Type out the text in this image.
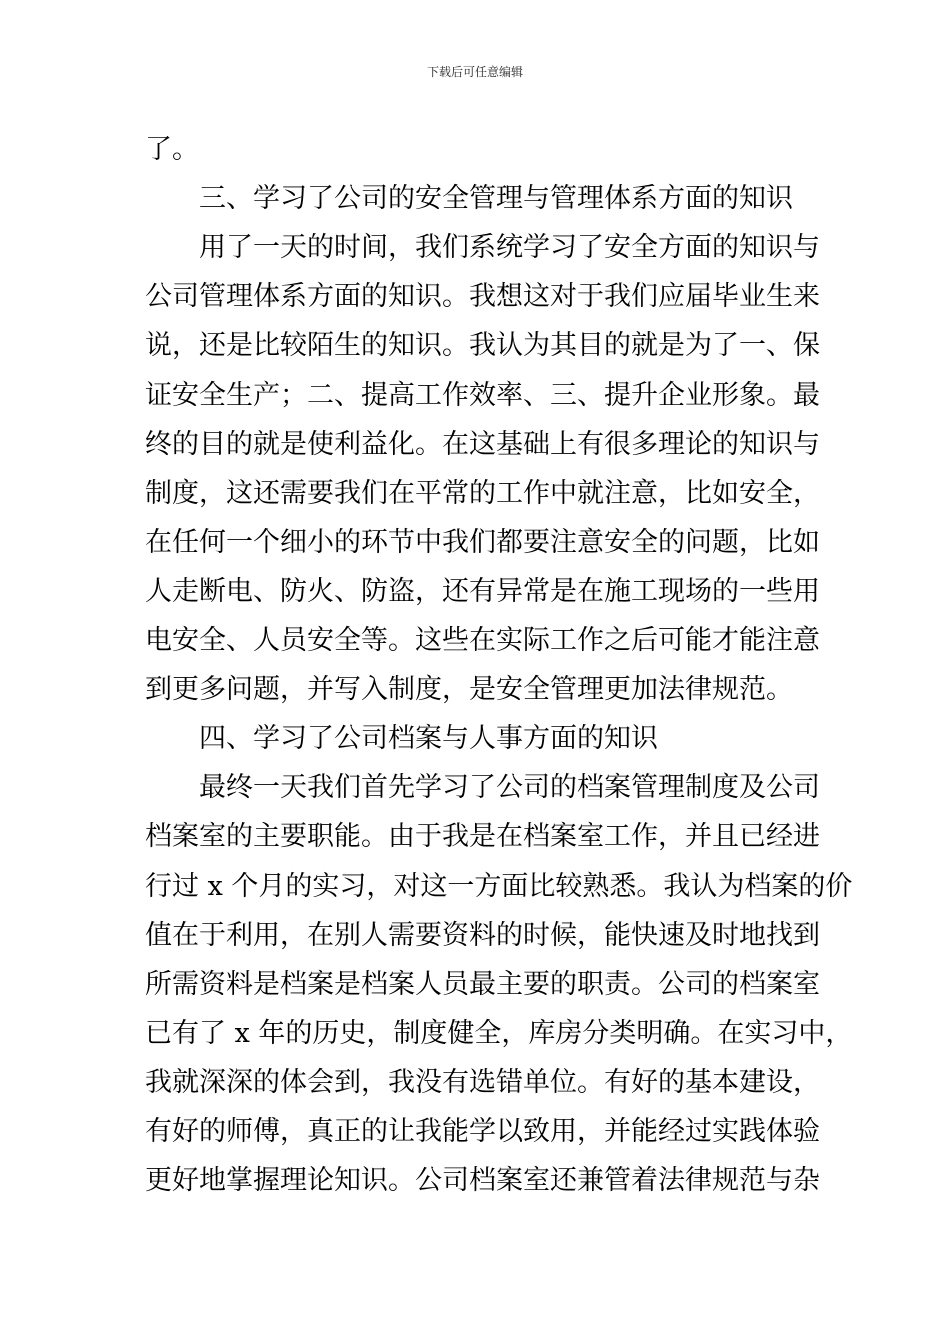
下载后可任意编辑
了。
三、学习了公司的安全管理与管理体系方面的知识
用了一天的时间，我们系统学习了安全方面的知识与
公司管理体系方面的知识。我想这对于我们应届毕业生来
说，还是比较陌生的知识。我认为其目的就是为了一、保
证安全生产；二、提高工作效率、三、提升企业形象。最
终的目的就是使利益化。在这基础上有很多理论的知识与
制度，这还需要我们在平常的工作中就注意，比如安全，
在任何一个细小的环节中我们都要注意安全的问题，比如
人走断电、防火、防盗，还有异常是在施工现场的一些用
电安全、人员安全等。这些在实际工作之后可能才能注意
到更多问题，并写入制度，是安全管理更加法律规范。
四、学习了公司档案与人事方面的知识
最终一天我们首先学习了公司的档案管理制度及公司
档案室的主要职能。由于我是在档案室工作，并且已经进
行过 x 个月的实习，对这一方面比较熟悉。我认为档案的价
值在于利用，在别人需要资料的时候，能快速及时地找到
所需资料是档案是档案人员最主要的职责。公司的档案室
已有了 x 年的历史，制度健全，库房分类明确。在实习中，
我就深深的体会到，我没有选错单位。有好的基本建设，
有好的师傅，真正的让我能学以致用，并能经过实践体验
更好地掌握理论知识。公司档案室还兼管着法律规范与杂
